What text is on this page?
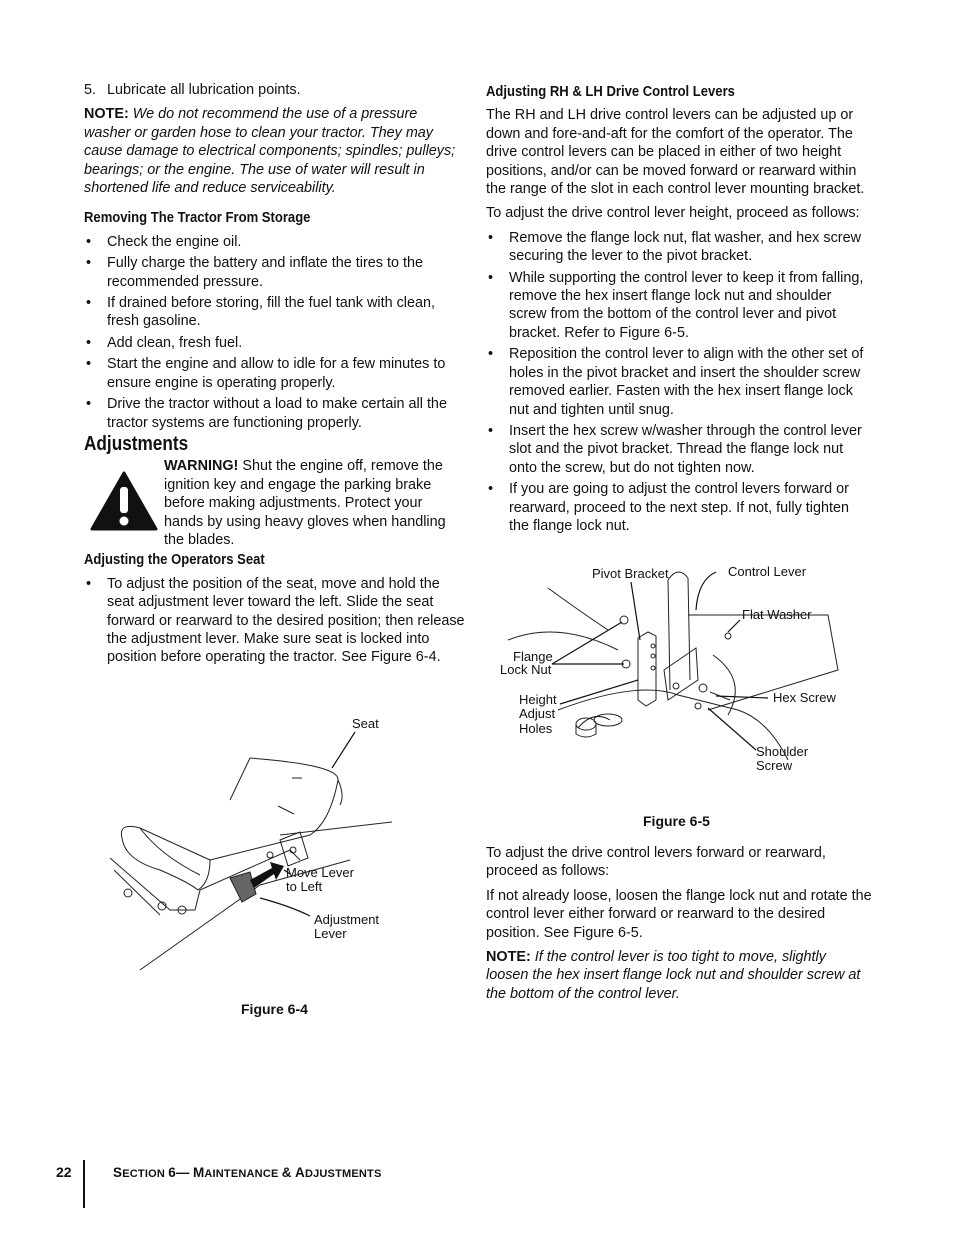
5. Lubricate all lubrication points.

NOTE: We do not recommend the use of a pressure washer or garden hose to clean your tractor. They may cause damage to electrical components; spindles; pulleys; bearings; or the engine. The use of water will result in shortened life and reduce serviceability.

Removing The Tractor From Storage
• Check the engine oil.
• Fully charge the battery and inflate the tires to the recommended pressure.
• If drained before storing, fill the fuel tank with clean, fresh gasoline.
• Add clean, fresh fuel.
• Start the engine and allow to idle for a few minutes to ensure engine is operating properly.
• Drive the tractor without a load to make certain all the tractor systems are functioning properly.
Adjustments

WARNING! Shut the engine off, remove the ignition key and engage the parking brake before making adjustments. Protect your hands by using heavy gloves when handling the blades.

Adjusting the Operators Seat
• To adjust the position of the seat, move and hold the seat adjustment lever toward the left. Slide the seat forward or rearward to the desired position; then release the adjustment lever. Make sure seat is locked into position before operating the tractor. See Figure 6-4.
Seat
Move Lever
to Left
Adjustment
Lever
Figure 6-4
Adjusting RH & LH Drive Control Levers

The RH and LH drive control levers can be adjusted up or down and fore-and-aft for the comfort of the operator. The drive control levers can be placed in either of two height positions, and/or can be moved forward or rearward within the range of the slot in each control lever mounting bracket.

To adjust the drive control lever height, proceed as follows:

• Remove the flange lock nut, flat washer, and hex screw securing the lever to the pivot bracket.
• While supporting the control lever to keep it from falling, remove the hex insert flange lock nut and shoulder screw from the bottom of the control lever and pivot bracket. Refer to Figure 6-5.
• Reposition the control lever to align with the other set of holes in the pivot bracket and insert the shoulder screw removed earlier. Fasten with the hex insert flange lock nut and tighten until snug.
• Insert the hex screw w/washer through the control lever slot and the pivot bracket. Thread the flange lock nut onto the screw, but do not tighten now.
• If you are going to adjust the control levers forward or rearward, proceed to the next step. If not, fully tighten the flange lock nut.
Pivot Bracket	Control Lever
Flat Washer
Flange
Lock Nut
Height
Adjust
Holes
Hex Screw
Shoulder
Screw
Figure 6-5

To adjust the drive control levers forward or rearward, proceed as follows:

If not already loose, loosen the flange lock nut and rotate the control lever either forward or rearward to the desired position. See Figure 6-5.

NOTE: If the control lever is too tight to move, slightly loosen the hex insert flange lock nut and shoulder screw at the bottom of the control lever.

22	SECTION 6— MAINTENANCE & ADJUSTMENTS
